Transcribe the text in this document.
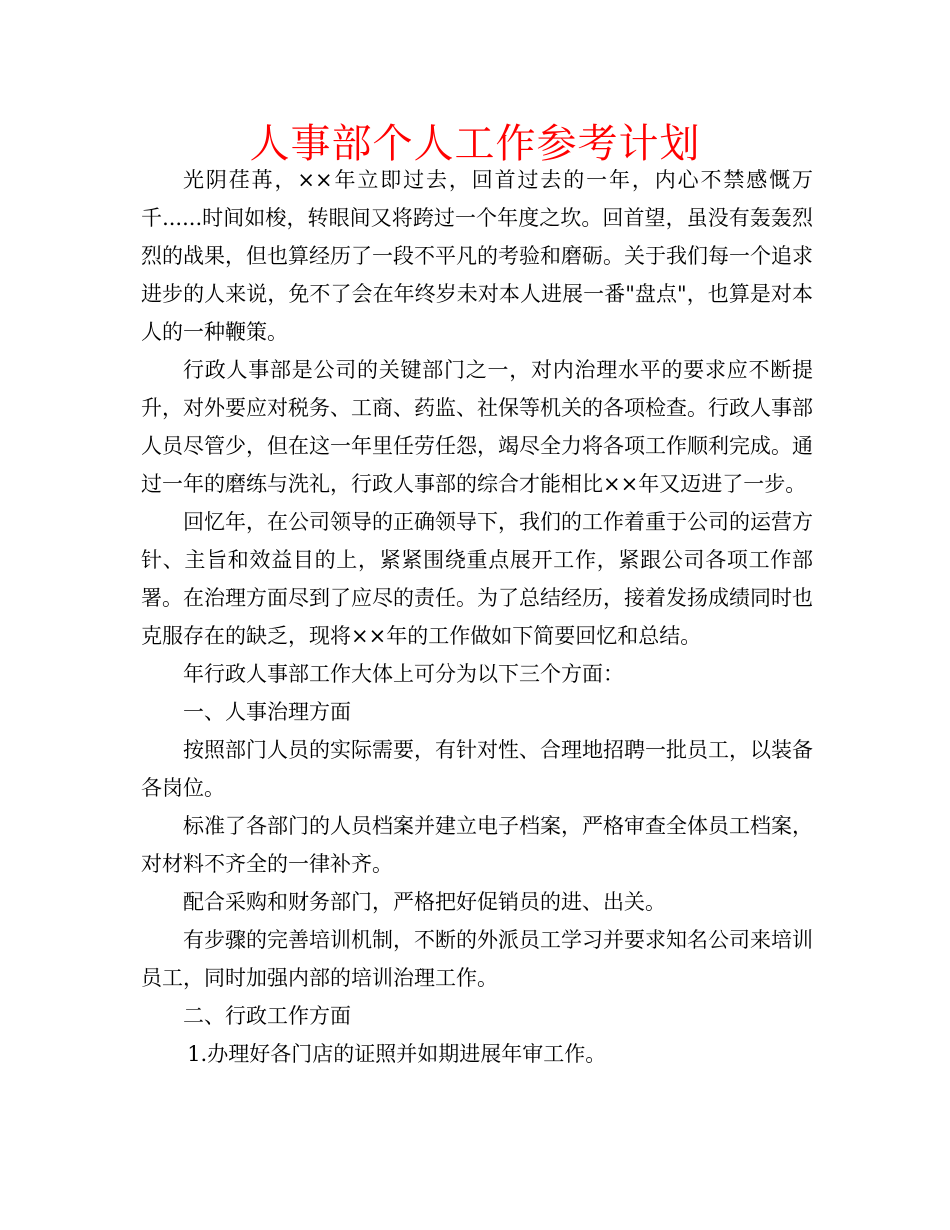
人事部个人工作参考计划

光阴荏苒，××年立即过去，回首过去的一年，内心不禁感慨万千......时间如梭，转眼间又将跨过一个年度之坎。回首望，虽没有轰轰烈烈的战果，但也算经历了一段不平凡的考验和磨砺。关于我们每一个追求进步的人来说，免不了会在年终岁未对本人进展一番"盘点"，也算是对本人的一种鞭策。

行政人事部是公司的关键部门之一，对内治理水平的要求应不断提升，对外要应对税务、工商、药监、社保等机关的各项检查。行政人事部人员尽管少，但在这一年里任劳任怨，竭尽全力将各项工作顺利完成。通过一年的磨练与洗礼，行政人事部的综合才能相比××年又迈进了一步。

回忆年，在公司领导的正确领导下，我们的工作着重于公司的运营方针、主旨和效益目的上，紧紧围绕重点展开工作，紧跟公司各项工作部署。在治理方面尽到了应尽的责任。为了总结经历，接着发扬成绩同时也克服存在的缺乏，现将××年的工作做如下简要回忆和总结。

年行政人事部工作大体上可分为以下三个方面：

一、人事治理方面

按照部门人员的实际需要，有针对性、合理地招聘一批员工，以装备各岗位。

标准了各部门的人员档案并建立电子档案，严格审查全体员工档案，对材料不齐全的一律补齐。

配合采购和财务部门，严格把好促销员的进、出关。

有步骤的完善培训机制，不断的外派员工学习并要求知名公司来培训员工，同时加强内部的培训治理工作。

二、行政工作方面

1.办理好各门店的证照并如期进展年审工作。
